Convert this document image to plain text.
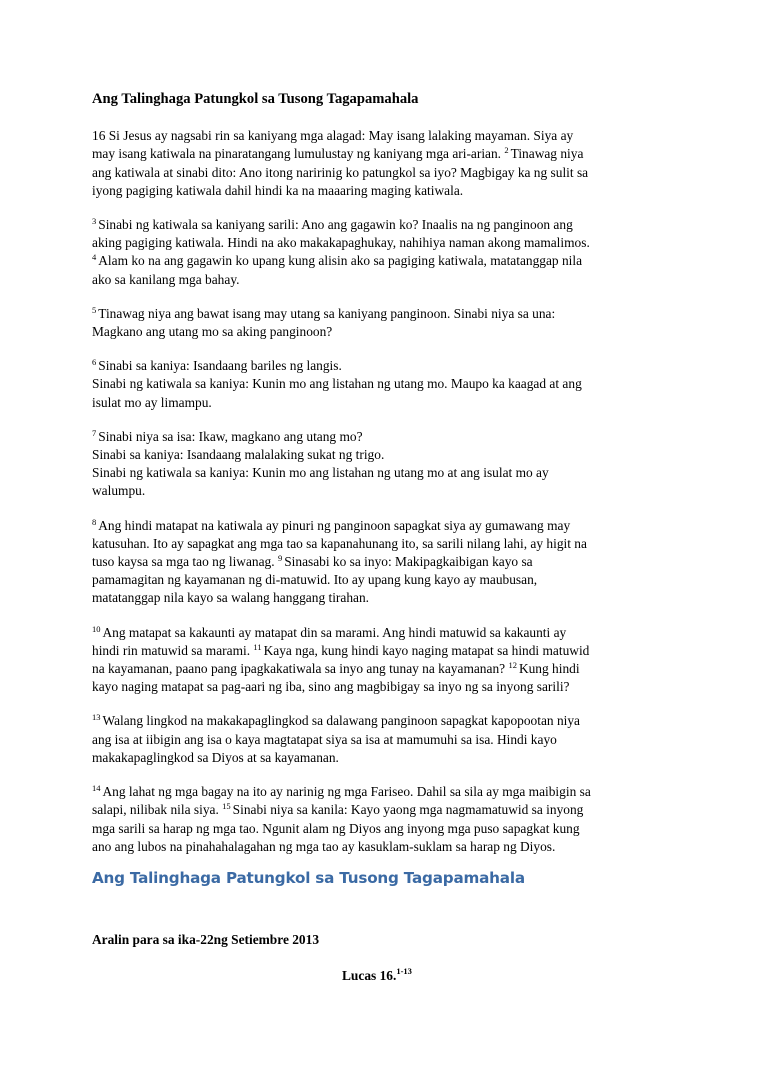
Ang Talinghaga Patungkol sa Tusong Tagapamahala
16 Si Jesus ay nagsabi rin sa kaniyang mga alagad: May isang lalaking mayaman. Siya ay
may isang katiwala na pinaratangang lumulustay ng kaniyang mga ari-arian. $^2$ Tinawag niya
ang katiwala at sinabi dito: Ano itong naririnig ko patungkol sa iyo? Magbigay ka ng sulit sa
iyong pagiging katiwala dahil hindi ka na maaaring maging katiwala.
$^3$ Sinabi ng katiwala sa kaniyang sarili: Ano ang gagawin ko? Inaalis na ng panginoon ang
aking pagiging katiwala. Hindi na ako makakapaghukay, nahihiya naman akong mamalimos.
$^4$ Alam ko na ang gagawin ko upang kung alisin ako sa pagiging katiwala, matatanggap nila
ako sa kanilang mga bahay.
$^5$ Tinawag niya ang bawat isang may utang sa kaniyang panginoon. Sinabi niya sa una:
Magkano ang utang mo sa aking panginoon?
$^6$ Sinabi sa kaniya: Isandaang bariles ng langis.
Sinabi ng katiwala sa kaniya: Kunin mo ang listahan ng utang mo. Maupo ka kaagad at ang
isulat mo ay limampu.
$^7$ Sinabi niya sa isa: Ikaw, magkano ang utang mo?
Sinabi sa kaniya: Isandaang malalaking sukat ng trigo.
Sinabi ng katiwala sa kaniya: Kunin mo ang listahan ng utang mo at ang isulat mo ay
walumpu.
$^8$ Ang hindi matapat na katiwala ay pinuri ng panginoon sapagkat siya ay gumawang may
katusuhan. Ito ay sapagkat ang mga tao sa kapanahunang ito, sa sarili nilang lahi, ay higit na
tuso kaysa sa mga tao ng liwanag. $^9$ Sinasabi ko sa inyo: Makipagkaibigan kayo sa
pamamagitan ng kayamanan ng di-matuwid. Ito ay upang kung kayo ay maubusan,
matatanggap nila kayo sa walang hanggang tirahan.
$^{10}$ Ang matapat sa kakaunti ay matapat din sa marami. Ang hindi matuwid sa kakaunti ay
hindi rin matuwid sa marami. $^{11}$ Kaya nga, kung hindi kayo naging matapat sa hindi matuwid
na kayamanan, paano pang ipagkakatiwala sa inyo ang tunay na kayamanan? $^{12}$ Kung hindi
kayo naging matapat sa pag-aari ng iba, sino ang magbibigay sa inyo ng sa inyong sarili?
$^{13}$ Walang lingkod na makakapaglingkod sa dalawang panginoon sapagkat kapopootan niya
ang isa at iibigin ang isa o kaya magtatapat siya sa isa at mamumuhi sa isa. Hindi kayo
makakapaglingkod sa Diyos at sa kayamanan.
$^{14}$ Ang lahat ng mga bagay na ito ay narinig ng mga Fariseo. Dahil sa sila ay mga maibigin sa
salapi, nilibak nila siya. $^{15}$ Sinabi niya sa kanila: Kayo yaong mga nagmamatuwid sa inyong
mga sarili sa harap ng mga tao. Ngunit alam ng Diyos ang inyong mga puso sapagkat kung
ano ang lubos na pinahahalagahan ng mga tao ay kasuklam-suklam sa harap ng Diyos.
Ang Talinghaga Patungkol sa Tusong Tagapamahala
Aralin para sa ika-22ng Setiembre 2013
Lucas 16.$^{1-13}$
